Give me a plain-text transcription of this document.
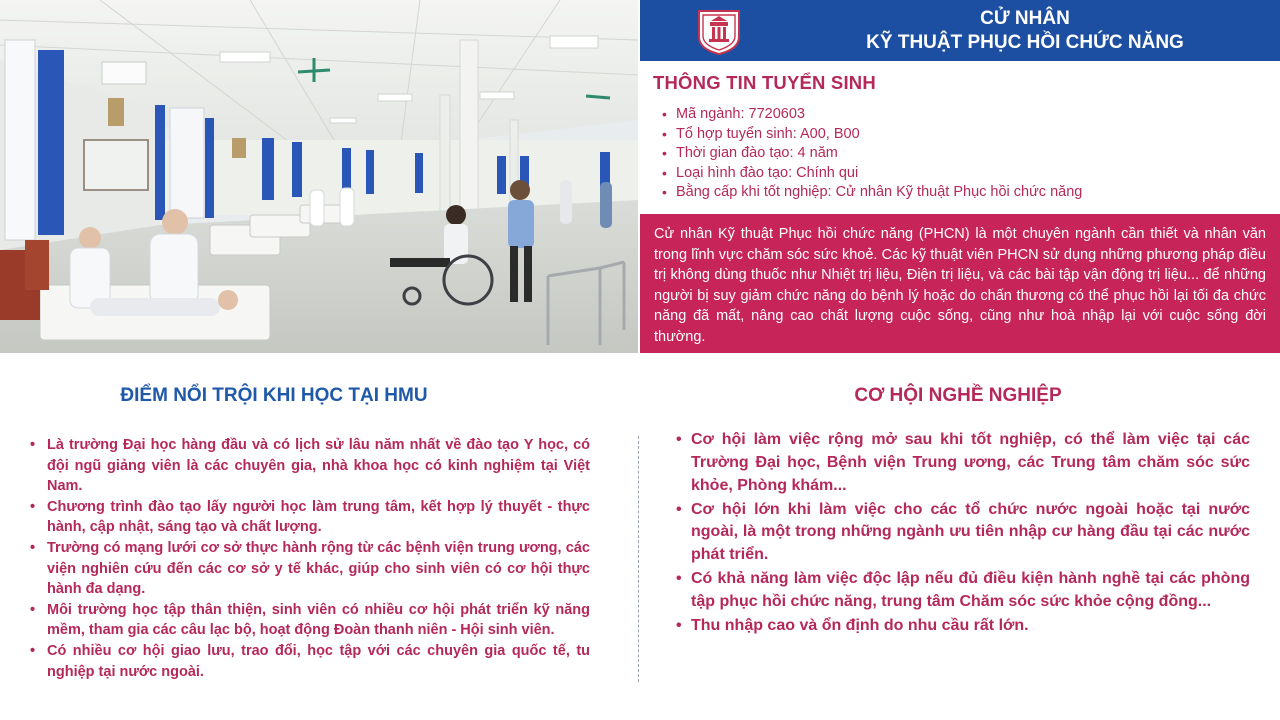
CỬ NHÂN
KỸ THUẬT PHỤC HỒI CHỨC NĂNG
THÔNG TIN TUYỂN SINH
• Mã ngành: 7720603
• Tổ hợp tuyển sinh: A00, B00
• Thời gian đào tạo: 4 năm
• Loại hình đào tạo: Chính qui
• Bằng cấp khi tốt nghiệp: Cử nhân Kỹ thuật Phục hồi chức năng

Cử nhân Kỹ thuật Phục hồi chức năng (PHCN) là một chuyên ngành cần thiết và nhân văn trong lĩnh vực chăm sóc sức khoẻ. Các kỹ thuật viên PHCN sử dụng những phương pháp điều trị không dùng thuốc như Nhiệt trị liệu, Điện trị liệu, và các bài tập vận động trị liệu... để những người bị suy giảm chức năng do bệnh lý hoặc do chấn thương có thể phục hồi lại tối đa chức năng đã mất, nâng cao chất lượng cuộc sống, cũng như hoà nhập lại với cuộc sống đời thường.

ĐIỂM NỔI TRỘI KHI HỌC TẠI HMU	CƠ HỘI NGHỀ NGHIỆP
• Là trường Đại học hàng đầu và có lịch sử lâu năm nhất về đào tạo Y học, có đội ngũ giảng viên là các chuyên gia, nhà khoa học có kinh nghiệm tại Việt Nam.
• Chương trình đào tạo lấy người học làm trung tâm, kết hợp lý thuyết - thực hành, cập nhật, sáng tạo và chất lượng.
• Trường có mạng lưới cơ sở thực hành rộng từ các bệnh viện trung ương, các viện nghiên cứu đến các cơ sở y tế khác, giúp cho sinh viên có cơ hội thực hành đa dạng.
• Môi trường học tập thân thiện, sinh viên có nhiều cơ hội phát triển kỹ năng mềm, tham gia các câu lạc bộ, hoạt động Đoàn thanh niên - Hội sinh viên.
• Có nhiều cơ hội giao lưu, trao đổi, học tập với các chuyên gia quốc tế, tu nghiệp tại nước ngoài.
• Cơ hội làm việc rộng mở sau khi tốt nghiệp, có thể làm việc tại các Trường Đại học, Bệnh viện Trung ương, các Trung tâm chăm sóc sức khỏe, Phòng khám...
• Cơ hội lớn khi làm việc cho các tổ chức nước ngoài hoặc tại nước ngoài, là một trong những ngành ưu tiên nhập cư hàng đầu tại các nước phát triển.
• Có khả năng làm việc độc lập nếu đủ điều kiện hành nghề tại các phòng tập phục hồi chức năng, trung tâm Chăm sóc sức khỏe cộng đồng...
• Thu nhập cao và ổn định do nhu cầu rất lớn.
